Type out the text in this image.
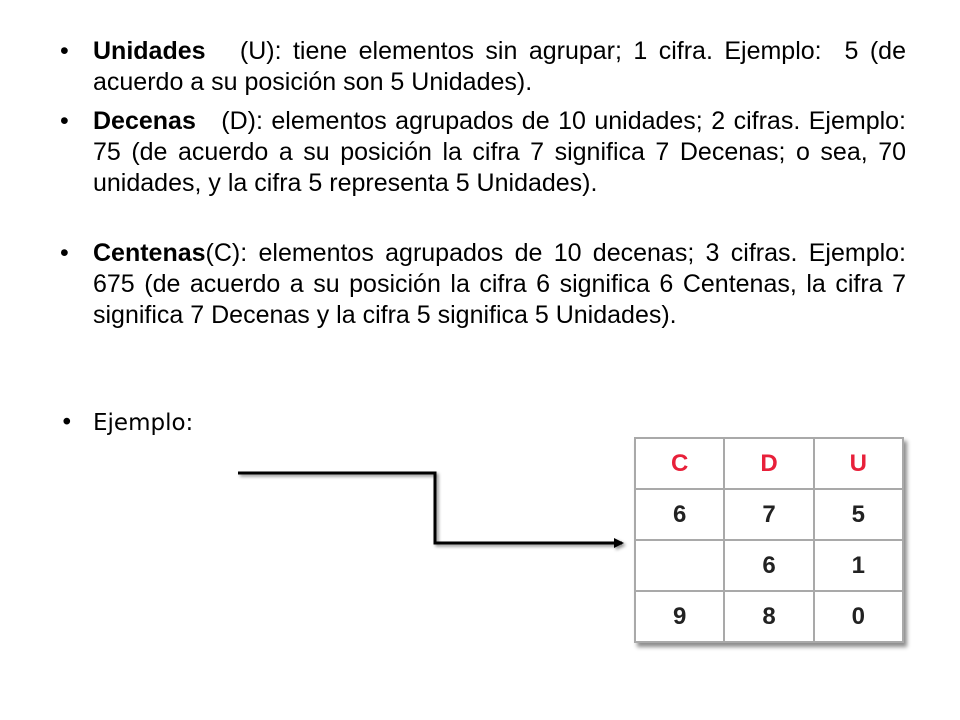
• Unidades   (U): tiene elementos sin agrupar; 1 cifra. Ejemplo:  5 (de acuerdo a su posición son 5 Unidades).
• Decenas   (D): elementos agrupados de 10 unidades; 2 cifras. Ejemplo: 75 (de acuerdo a su posición la cifra 7 significa 7 Decenas; o sea, 70 unidades, y la cifra 5 representa 5 Unidades).
• Centenas(C): elementos agrupados de 10 decenas; 3 cifras. Ejemplo: 675 (de acuerdo a su posición la cifra 6 significa 6 Centenas, la cifra 7 significa 7 Decenas y la cifra 5 significa 5 Unidades).
• Ejemplo:
C	D	U
6	7	5
	6	1
9	8	0
